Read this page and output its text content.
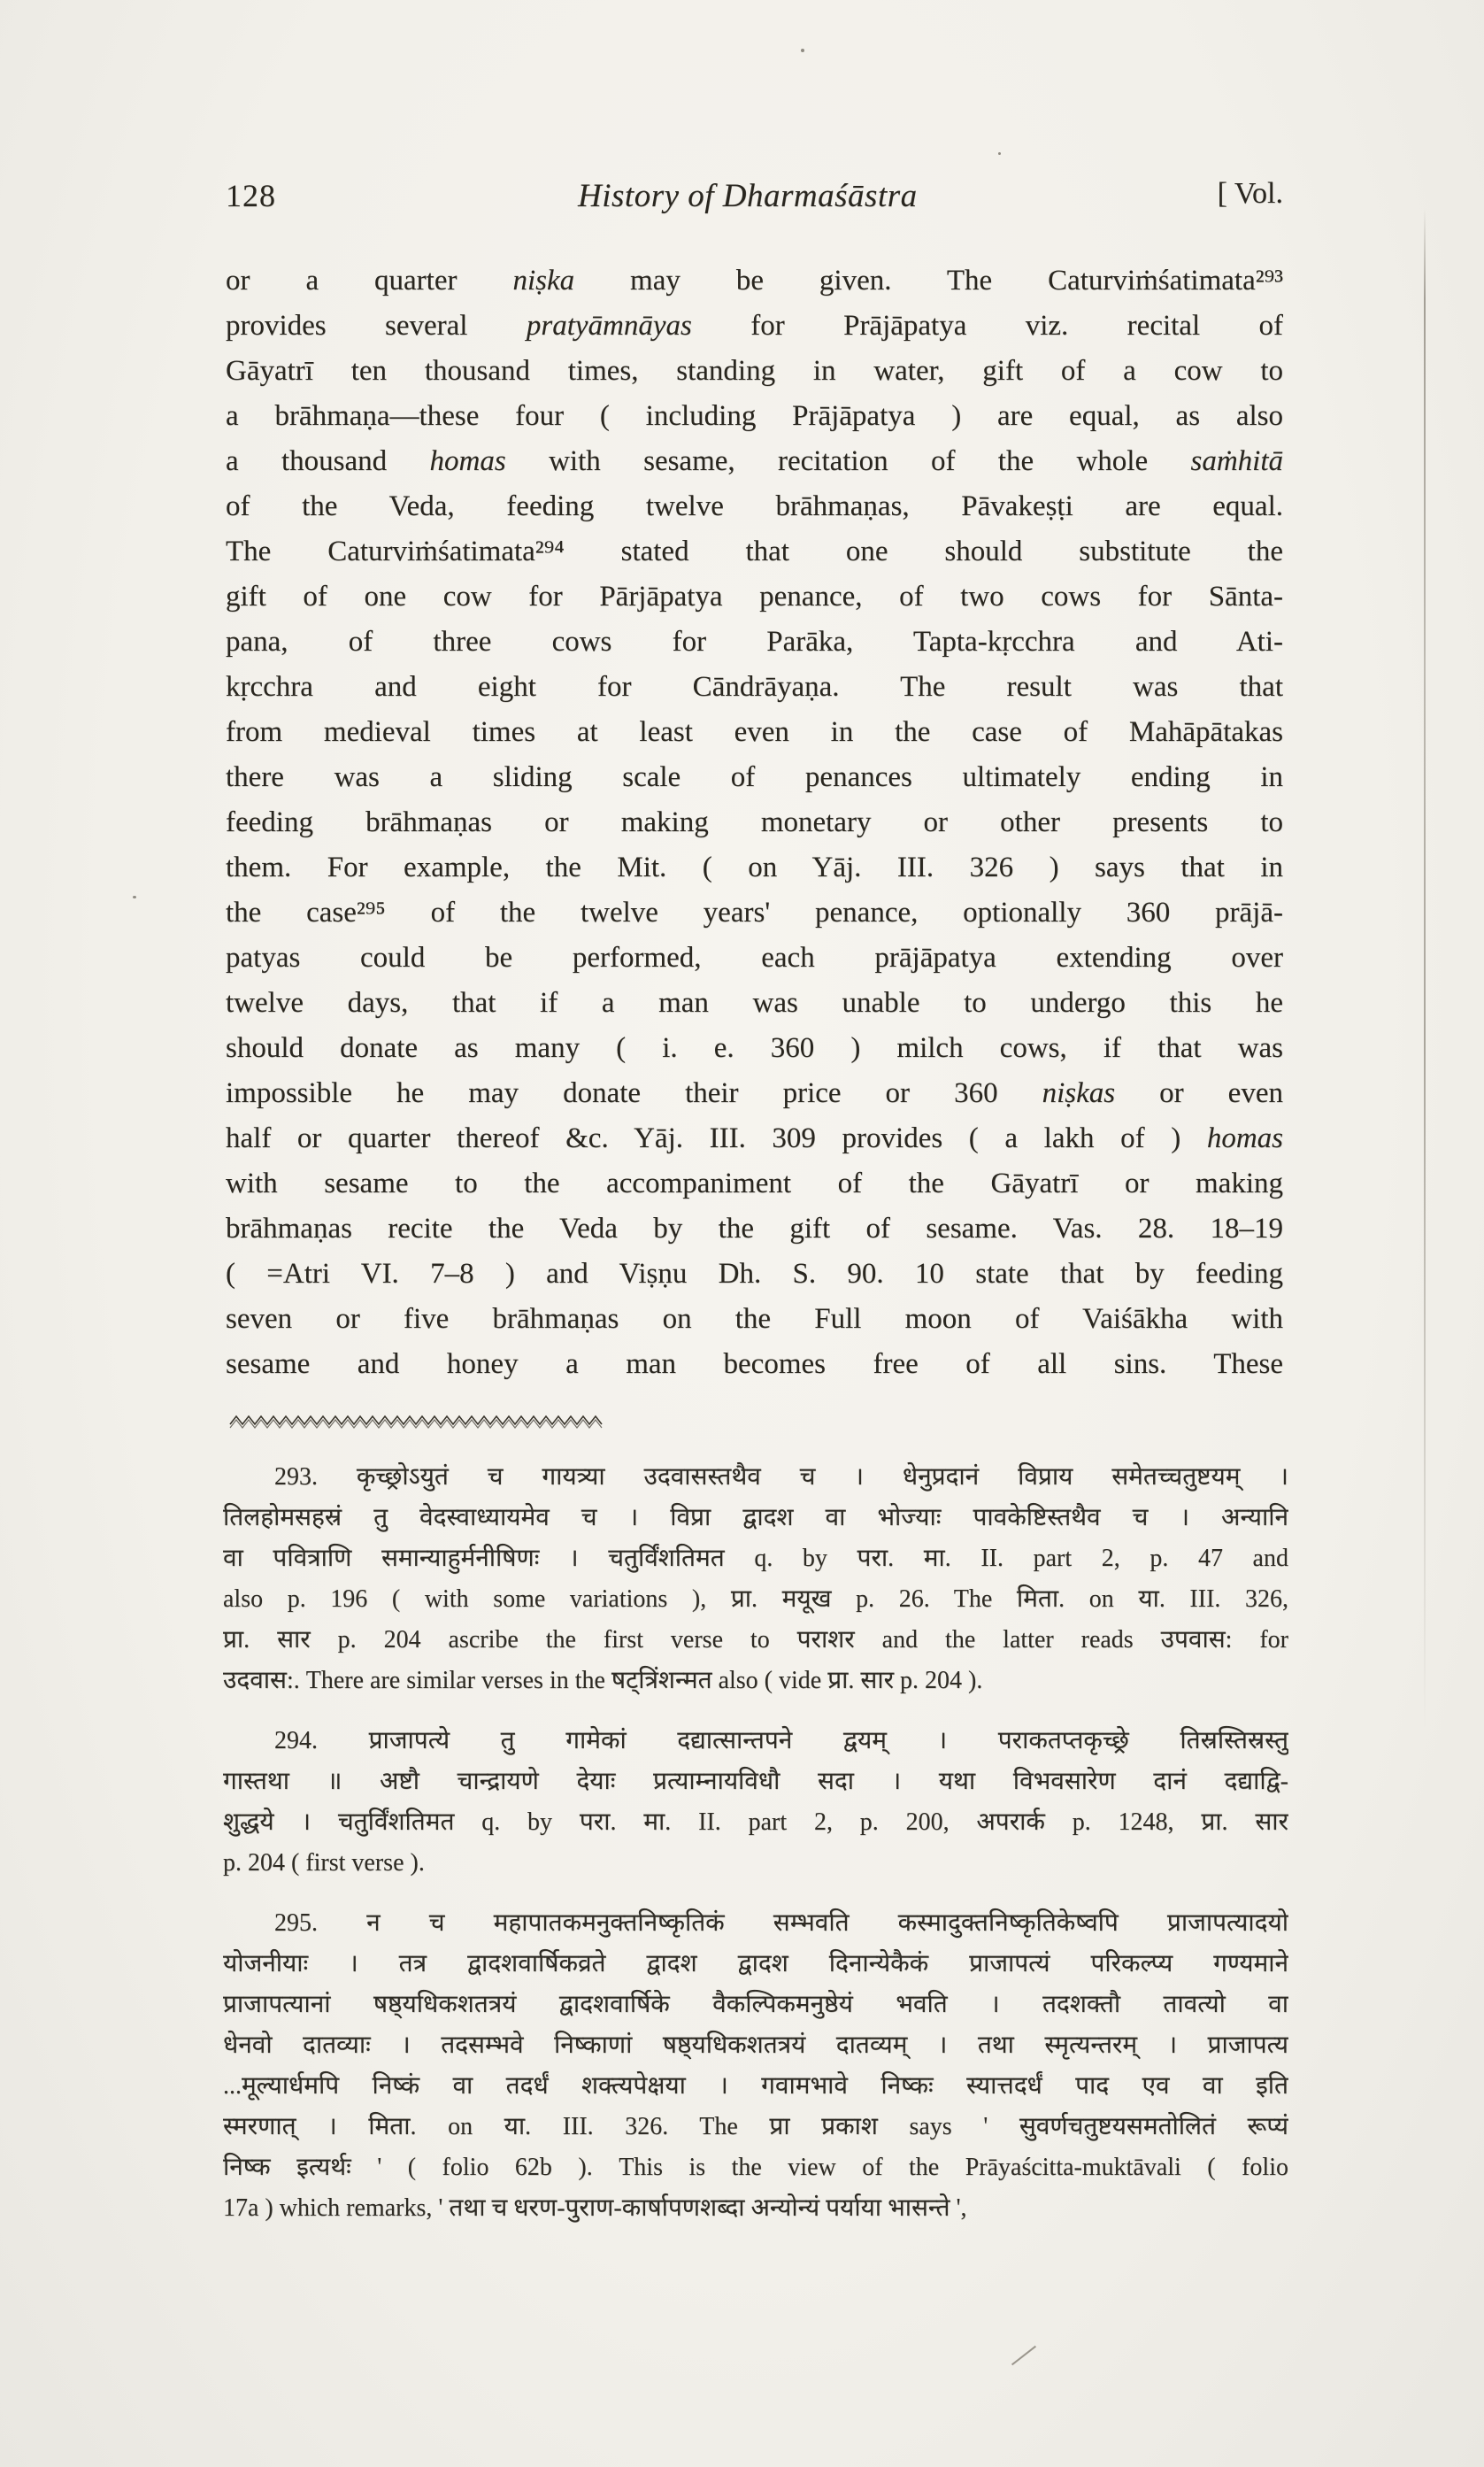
128	History of Dharmaśāstra	[ Vol.
or a quarter niṣka may be given. The Caturviṁśatimata²⁹³
provides several pratyāmnāyas for Prājāpatya viz. recital of
Gāyatrī ten thousand times, standing in water, gift of a cow to
a brāhmaṇa—these four ( including Prājāpatya ) are equal, as also
a thousand homas with sesame, recitation of the whole saṁhitā
of the Veda, feeding twelve brāhmaṇas, Pāvakeṣṭi are equal.
The Caturviṁśatimata²⁹⁴ stated that one should substitute the
gift of one cow for Pārjāpatya penance, of two cows for Sānta-
pana, of three cows for Parāka, Tapta-kṛcchra and Ati-
kṛcchra and eight for Cāndrāyaṇa. The result was that
from medieval times at least even in the case of Mahāpātakas
there was a sliding scale of penances ultimately ending in
feeding brāhmaṇas or making monetary or other presents to
them. For example, the Mit. ( on Yāj. III. 326 ) says that in
the case²⁹⁵ of the twelve years' penance, optionally 360 prājā-
patyas could be performed, each prājāpatya extending over
twelve days, that if a man was unable to undergo this he
should donate as many ( i. e. 360 ) milch cows, if that was
impossible he may donate their price or 360 niṣkas or even
half or quarter thereof &c. Yāj. III. 309 provides ( a lakh of ) homas
with sesame to the accompaniment of the Gāyatrī or making
brāhmaṇas recite the Veda by the gift of sesame. Vas. 28. 18–19
( =Atri VI. 7–8 ) and Viṣṇu Dh. S. 90. 10 state that by feeding
seven or five brāhmaṇas on the Full moon of Vaiśākha with
sesame and honey a man becomes free of all sins. These
293. कृच्छ्रोऽयुतं च गायत्र्या उदवासस्तथैव च । धेनुप्रदानं विप्राय समेतच्चतुष्टयम् ।
तिलहोमसहस्रं तु वेदस्वाध्यायमेव च । विप्रा द्वादश वा भोज्याः पावकेष्टिस्तथैव च । अन्यानि
वा पवित्राणि समान्याहुर्मनीषिणः । चतुर्विंशतिमत q. by परा. मा. II. part 2, p. 47 and
also p. 196 ( with some variations ), प्रा. मयूख p. 26. The मिता. on या. III. 326,
प्रा. सार p. 204 ascribe the first verse to पराशर and the latter reads उपवास: for
उदवास:. There are similar verses in the षट्त्रिंशन्मत also ( vide प्रा. सार p. 204 ).
294. प्राजापत्ये तु गामेकां दद्यात्सान्तपने द्वयम् । पराकतप्तकृच्छ्रे तिस्रस्तिस्रस्तु
गास्तथा ॥ अष्टौ चान्द्रायणे देयाः प्रत्याम्नायविधौ सदा । यथा विभवसारेण दानं दद्याद्वि-
शुद्धये । चतुर्विंशतिमत q. by परा. मा. II. part 2, p. 200, अपरार्क p. 1248, प्रा. सार
p. 204 ( first verse ).
295. न च महापातकमनुक्तनिष्कृतिकं सम्भवति कस्मादुक्तनिष्कृतिकेष्वपि प्राजापत्यादयो
योजनीयाः । तत्र द्वादशवार्षिकव्रते द्वादश द्वादश दिनान्येकैकं प्राजापत्यं परिकल्प्य गण्यमाने
प्राजापत्यानां षष्ठ्यधिकशतत्रयं द्वादशवार्षिके वैकल्पिकमनुष्ठेयं भवति । तदशक्तौ तावत्यो वा
धेनवो दातव्याः । तदसम्भवे निष्काणां षष्ठ्यधिकशतत्रयं दातव्यम् । तथा स्मृत्यन्तरम् । प्राजापत्य
...मूल्यार्धमपि निष्कं वा तदर्धं शक्त्यपेक्षया । गवामभावे निष्कः स्यात्तदर्धं पाद एव वा इति
स्मरणात् । मिता. on या. III. 326. The प्रा प्रकाश says ' सुवर्णचतुष्टयसमतोलितं रूप्यं
निष्क इत्यर्थः ' ( folio 62b ). This is the view of the Prāyaścitta-muktāvali ( folio
17a ) which remarks, ' तथा च धरण-पुराण-कार्षापणशब्दा अन्योन्यं पर्याया भासन्ते ',
